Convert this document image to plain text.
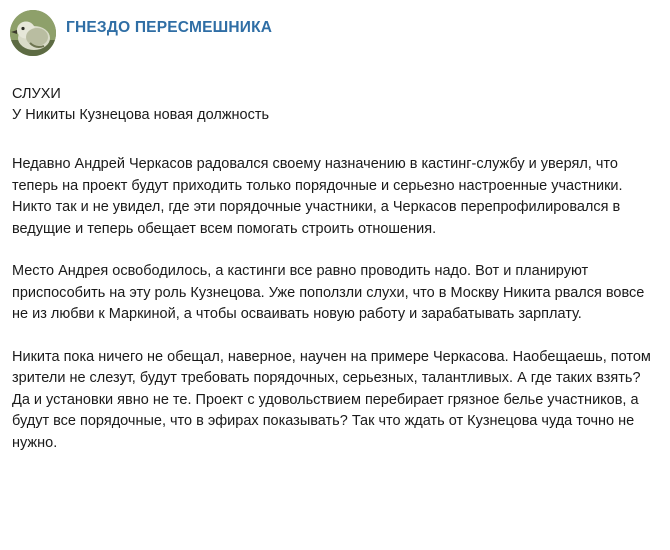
ГНЕЗДО ПЕРЕСМЕШНИКА
СЛУХИ
У Никиты Кузнецова новая должность

Недавно Андрей Черкасов радовался своему назначению в кастинг-службу и уверял, что теперь на проект будут приходить только порядочные и серьезно настроенные участники. Никто так и не увидел, где эти порядочные участники, а Черкасов перепрофилировался в ведущие и теперь обещает всем помогать строить отношения.

Место Андрея освободилось, а кастинги все равно проводить надо. Вот и планируют приспособить на эту роль Кузнецова. Уже поползли слухи, что в Москву Никита рвался вовсе не из любви к Маркиной, а чтобы осваивать новую работу и зарабатывать зарплату.

Никита пока ничего не обещал, наверное, научен на примере Черкасова. Наобещаешь, потом зрители не слезут, будут требовать порядочных, серьезных, талантливых. А где таких взять? Да и установки явно не те. Проект с удовольствием перебирает грязное белье участников, а будут все порядочные, что в эфирах показывать? Так что ждать от Кузнецова чуда точно не нужно.
